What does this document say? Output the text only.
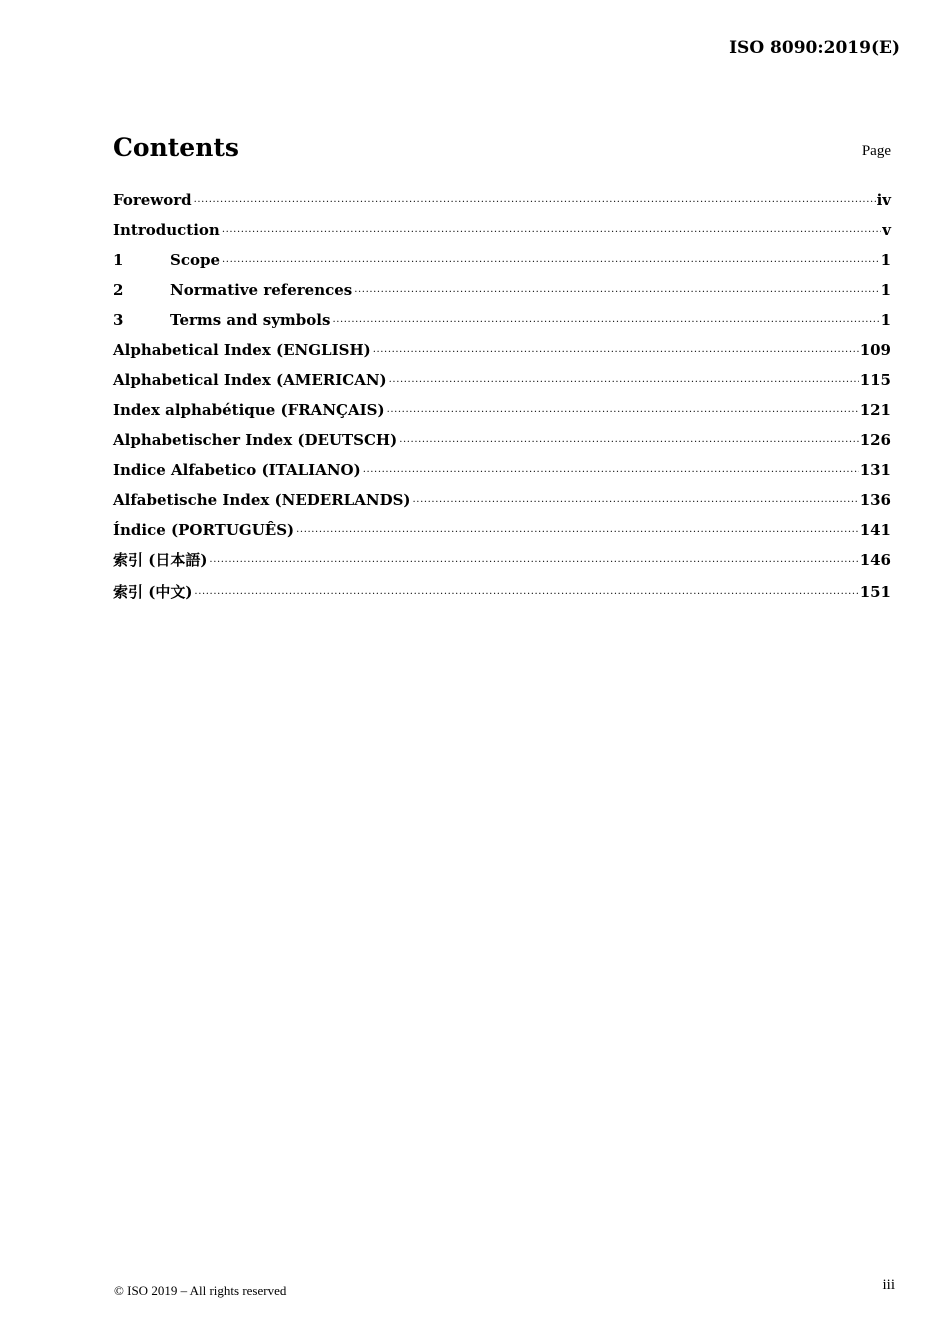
ISO 8090:2019(E)
Contents	Page
Foreword .....	iv
Introduction .....	v
1	Scope .....	1
2	Normative references .....	1
3	Terms and symbols .....	1
Alphabetical Index (ENGLISH) .....	109
Alphabetical Index (AMERICAN) .....	115
Index alphabétique (FRANÇAIS) .....	121
Alphabetischer Index (DEUTSCH) .....	126
Indice Alfabetico (ITALIANO) .....	131
Alfabetische Index (NEDERLANDS) .....	136
Índice (PORTUGUÊS) .....	141
索引 (日本語) .....	146
索引 (中文) .....	151
© ISO 2019 – All rights reserved	iii
